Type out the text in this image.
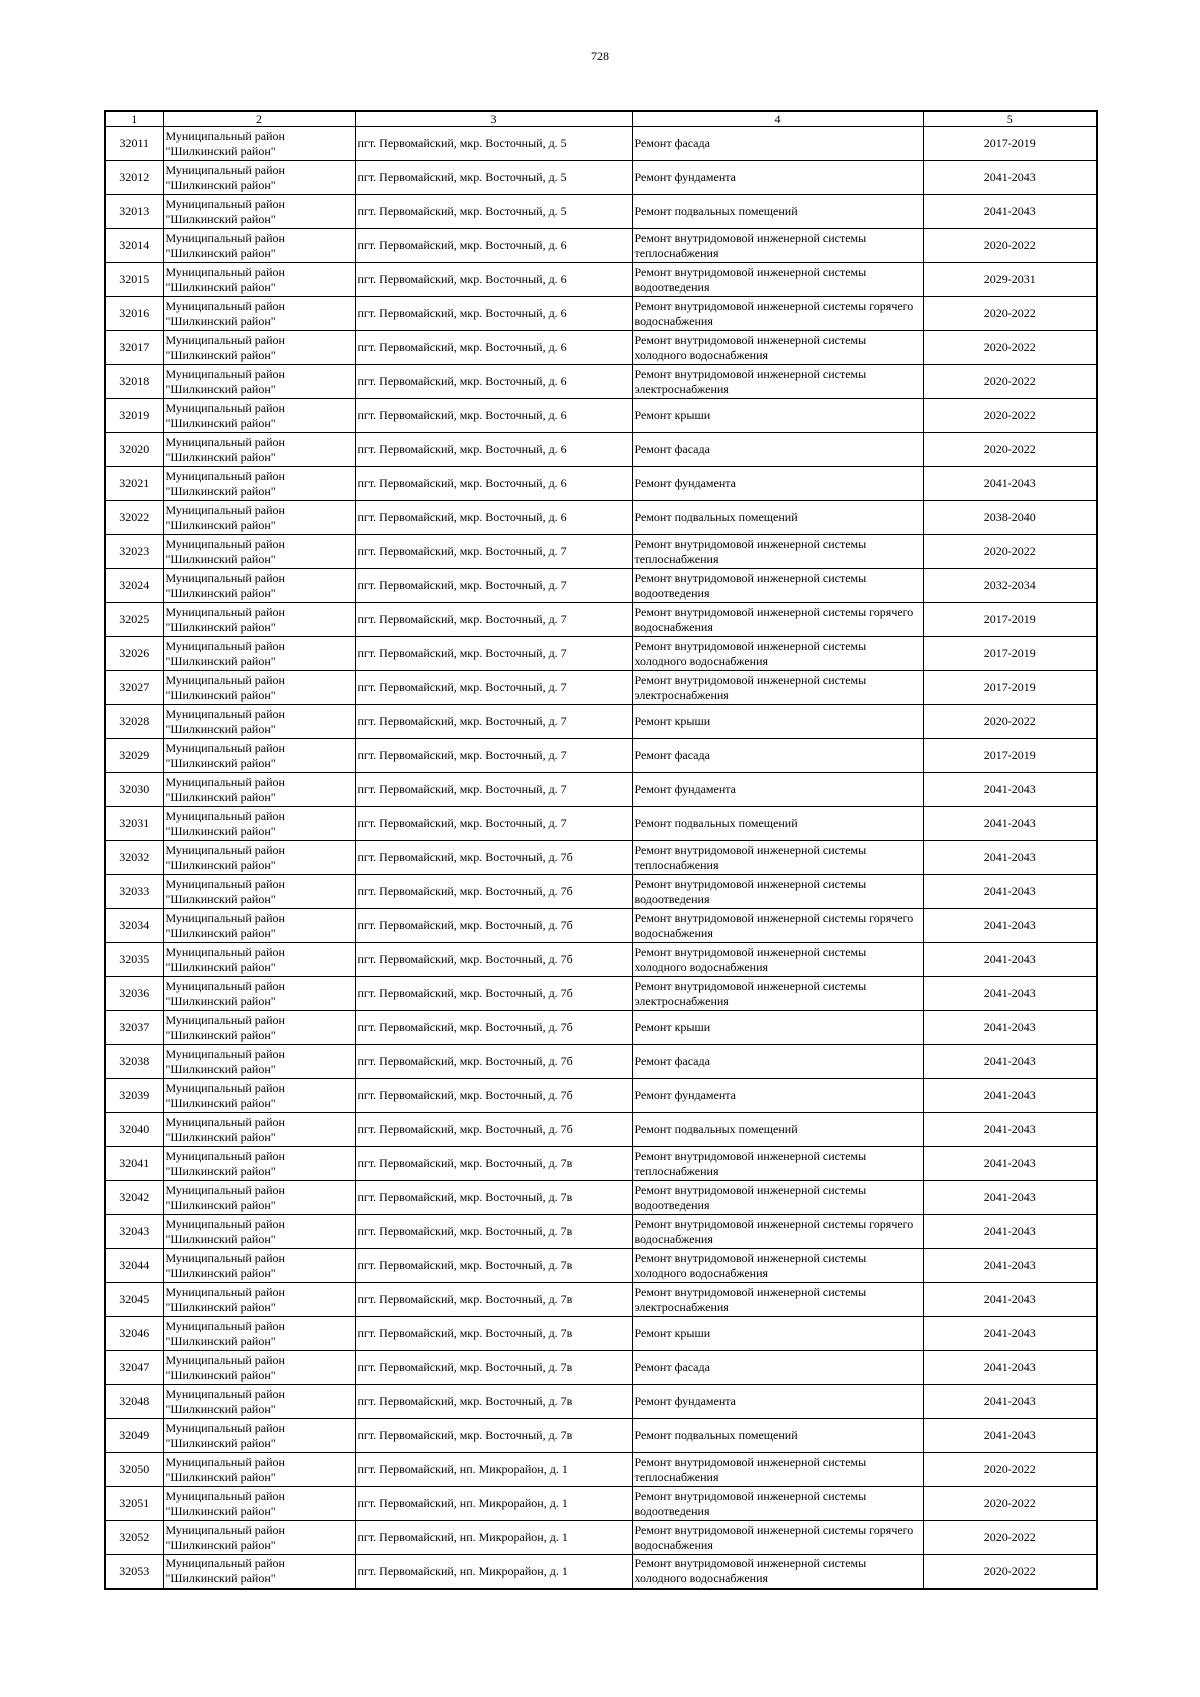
728
1	2	3	4	5
32011	Муниципальный район "Шилкинский район"	пгт. Первомайский, мкр. Восточный, д. 5	Ремонт фасада	2017-2019
32012	Муниципальный район "Шилкинский район"	пгт. Первомайский, мкр. Восточный, д. 5	Ремонт фундамента	2041-2043
32013	Муниципальный район "Шилкинский район"	пгт. Первомайский, мкр. Восточный, д. 5	Ремонт подвальных помещений	2041-2043
32014	Муниципальный район "Шилкинский район"	пгт. Первомайский, мкр. Восточный, д. 6	Ремонт внутридомовой инженерной системы теплоснабжения	2020-2022
32015	Муниципальный район "Шилкинский район"	пгт. Первомайский, мкр. Восточный, д. 6	Ремонт внутридомовой инженерной системы водоотведения	2029-2031
32016	Муниципальный район "Шилкинский район"	пгт. Первомайский, мкр. Восточный, д. 6	Ремонт внутридомовой инженерной системы горячего водоснабжения	2020-2022
32017	Муниципальный район "Шилкинский район"	пгт. Первомайский, мкр. Восточный, д. 6	Ремонт внутридомовой инженерной системы холодного водоснабжения	2020-2022
32018	Муниципальный район "Шилкинский район"	пгт. Первомайский, мкр. Восточный, д. 6	Ремонт внутридомовой инженерной системы электроснабжения	2020-2022
32019	Муниципальный район "Шилкинский район"	пгт. Первомайский, мкр. Восточный, д. 6	Ремонт крыши	2020-2022
32020	Муниципальный район "Шилкинский район"	пгт. Первомайский, мкр. Восточный, д. 6	Ремонт фасада	2020-2022
32021	Муниципальный район "Шилкинский район"	пгт. Первомайский, мкр. Восточный, д. 6	Ремонт фундамента	2041-2043
32022	Муниципальный район "Шилкинский район"	пгт. Первомайский, мкр. Восточный, д. 6	Ремонт подвальных помещений	2038-2040
32023	Муниципальный район "Шилкинский район"	пгт. Первомайский, мкр. Восточный, д. 7	Ремонт внутридомовой инженерной системы теплоснабжения	2020-2022
32024	Муниципальный район "Шилкинский район"	пгт. Первомайский, мкр. Восточный, д. 7	Ремонт внутридомовой инженерной системы водоотведения	2032-2034
32025	Муниципальный район "Шилкинский район"	пгт. Первомайский, мкр. Восточный, д. 7	Ремонт внутридомовой инженерной системы горячего водоснабжения	2017-2019
32026	Муниципальный район "Шилкинский район"	пгт. Первомайский, мкр. Восточный, д. 7	Ремонт внутридомовой инженерной системы холодного водоснабжения	2017-2019
32027	Муниципальный район "Шилкинский район"	пгт. Первомайский, мкр. Восточный, д. 7	Ремонт внутридомовой инженерной системы электроснабжения	2017-2019
32028	Муниципальный район "Шилкинский район"	пгт. Первомайский, мкр. Восточный, д. 7	Ремонт крыши	2020-2022
32029	Муниципальный район "Шилкинский район"	пгт. Первомайский, мкр. Восточный, д. 7	Ремонт фасада	2017-2019
32030	Муниципальный район "Шилкинский район"	пгт. Первомайский, мкр. Восточный, д. 7	Ремонт фундамента	2041-2043
32031	Муниципальный район "Шилкинский район"	пгт. Первомайский, мкр. Восточный, д. 7	Ремонт подвальных помещений	2041-2043
32032	Муниципальный район "Шилкинский район"	пгт. Первомайский, мкр. Восточный, д. 7б	Ремонт внутридомовой инженерной системы теплоснабжения	2041-2043
32033	Муниципальный район "Шилкинский район"	пгт. Первомайский, мкр. Восточный, д. 7б	Ремонт внутридомовой инженерной системы водоотведения	2041-2043
32034	Муниципальный район "Шилкинский район"	пгт. Первомайский, мкр. Восточный, д. 7б	Ремонт внутридомовой инженерной системы горячего водоснабжения	2041-2043
32035	Муниципальный район "Шилкинский район"	пгт. Первомайский, мкр. Восточный, д. 7б	Ремонт внутридомовой инженерной системы холодного водоснабжения	2041-2043
32036	Муниципальный район "Шилкинский район"	пгт. Первомайский, мкр. Восточный, д. 7б	Ремонт внутридомовой инженерной системы электроснабжения	2041-2043
32037	Муниципальный район "Шилкинский район"	пгт. Первомайский, мкр. Восточный, д. 7б	Ремонт крыши	2041-2043
32038	Муниципальный район "Шилкинский район"	пгт. Первомайский, мкр. Восточный, д. 7б	Ремонт фасада	2041-2043
32039	Муниципальный район "Шилкинский район"	пгт. Первомайский, мкр. Восточный, д. 7б	Ремонт фундамента	2041-2043
32040	Муниципальный район "Шилкинский район"	пгт. Первомайский, мкр. Восточный, д. 7б	Ремонт подвальных помещений	2041-2043
32041	Муниципальный район "Шилкинский район"	пгт. Первомайский, мкр. Восточный, д. 7в	Ремонт внутридомовой инженерной системы теплоснабжения	2041-2043
32042	Муниципальный район "Шилкинский район"	пгт. Первомайский, мкр. Восточный, д. 7в	Ремонт внутридомовой инженерной системы водоотведения	2041-2043
32043	Муниципальный район "Шилкинский район"	пгт. Первомайский, мкр. Восточный, д. 7в	Ремонт внутридомовой инженерной системы горячего водоснабжения	2041-2043
32044	Муниципальный район "Шилкинский район"	пгт. Первомайский, мкр. Восточный, д. 7в	Ремонт внутридомовой инженерной системы холодного водоснабжения	2041-2043
32045	Муниципальный район "Шилкинский район"	пгт. Первомайский, мкр. Восточный, д. 7в	Ремонт внутридомовой инженерной системы электроснабжения	2041-2043
32046	Муниципальный район "Шилкинский район"	пгт. Первомайский, мкр. Восточный, д. 7в	Ремонт крыши	2041-2043
32047	Муниципальный район "Шилкинский район"	пгт. Первомайский, мкр. Восточный, д. 7в	Ремонт фасада	2041-2043
32048	Муниципальный район "Шилкинский район"	пгт. Первомайский, мкр. Восточный, д. 7в	Ремонт фундамента	2041-2043
32049	Муниципальный район "Шилкинский район"	пгт. Первомайский, мкр. Восточный, д. 7в	Ремонт подвальных помещений	2041-2043
32050	Муниципальный район "Шилкинский район"	пгт. Первомайский, нп. Микрорайон, д. 1	Ремонт внутридомовой инженерной системы теплоснабжения	2020-2022
32051	Муниципальный район "Шилкинский район"	пгт. Первомайский, нп. Микрорайон, д. 1	Ремонт внутридомовой инженерной системы водоотведения	2020-2022
32052	Муниципальный район "Шилкинский район"	пгт. Первомайский, нп. Микрорайон, д. 1	Ремонт внутридомовой инженерной системы горячего водоснабжения	2020-2022
32053	Муниципальный район "Шилкинский район"	пгт. Первомайский, нп. Микрорайон, д. 1	Ремонт внутридомовой инженерной системы холодного водоснабжения	2020-2022
